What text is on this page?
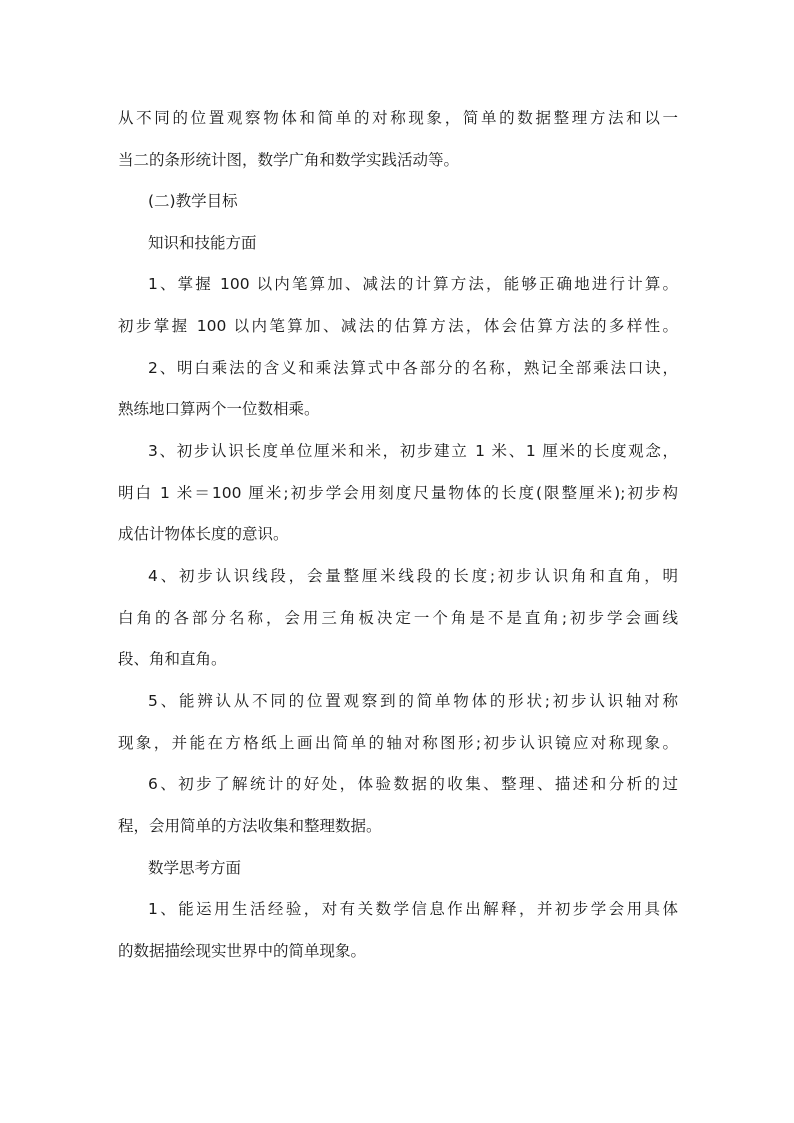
从不同的位置观察物体和简单的对称现象，简单的数据整理方法和以一
当二的条形统计图，数学广角和数学实践活动等。
(二)教学目标
知识和技能方面
1、掌握 100 以内笔算加、减法的计算方法，能够正确地进行计算。
初步掌握 100 以内笔算加、减法的估算方法，体会估算方法的多样性。
2、明白乘法的含义和乘法算式中各部分的名称，熟记全部乘法口诀，
熟练地口算两个一位数相乘。
3、初步认识长度单位厘米和米，初步建立 1 米、1 厘米的长度观念，
明白 1 米＝100 厘米;初步学会用刻度尺量物体的长度(限整厘米);初步构
成估计物体长度的意识。
4、初步认识线段，会量整厘米线段的长度;初步认识角和直角，明
白角的各部分名称，会用三角板决定一个角是不是直角;初步学会画线
段、角和直角。
5、能辨认从不同的位置观察到的简单物体的形状;初步认识轴对称
现象，并能在方格纸上画出简单的轴对称图形;初步认识镜应对称现象。
6、初步了解统计的好处，体验数据的收集、整理、描述和分析的过
程，会用简单的方法收集和整理数据。
数学思考方面
1、能运用生活经验，对有关数学信息作出解释，并初步学会用具体
的数据描绘现实世界中的简单现象。
